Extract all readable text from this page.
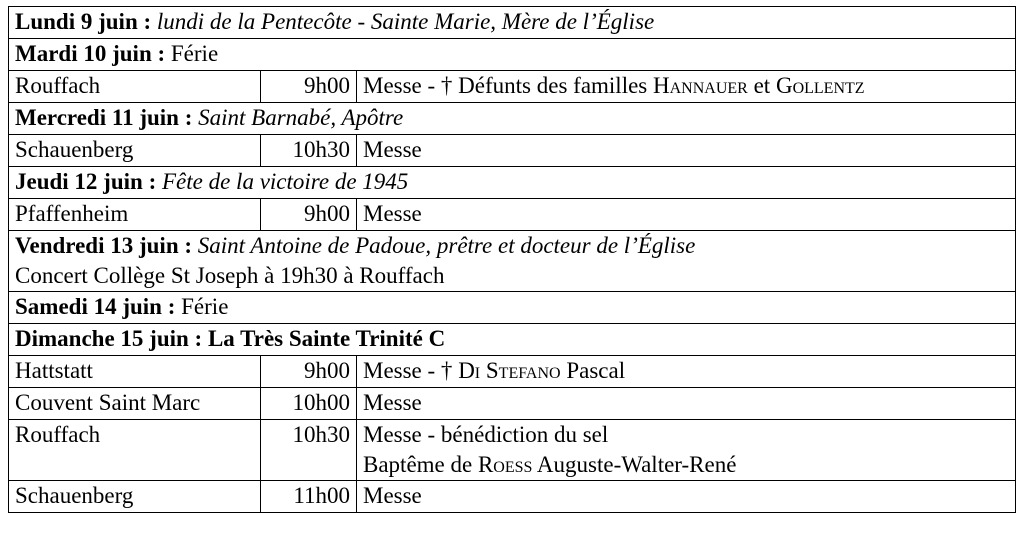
Lundi 9 juin : lundi de la Pentecôte - Sainte Marie, Mère de l’Église		
Mardi 10 juin : Férie		
Rouffach	9h00	Messe - † Défunts des familles Hannauer et Gollentz
Mercredi 11 juin : Saint Barnabé, Apôtre		
Schauenberg	10h30	Messe
Jeudi 12 juin : Fête de la victoire de 1945		
Pfaffenheim	9h00	Messe

Vendredi 13 juin : Saint Antoine de Padoue, prêtre et docteur de l’Église
Concert Collège St Joseph à 19h30 à Rouffach		

Samedi 14 juin : Férie		
Dimanche 15 juin : La Très Sainte Trinité C		
Hattstatt	9h00	Messe - † Di Stefano Pascal
Couvent Saint Marc	10h00	Messe
Rouffach	10h30	Messe - bénédiction du sel
Baptême de Roess Auguste-Walter-René

Schauenberg	11h00	Messe
